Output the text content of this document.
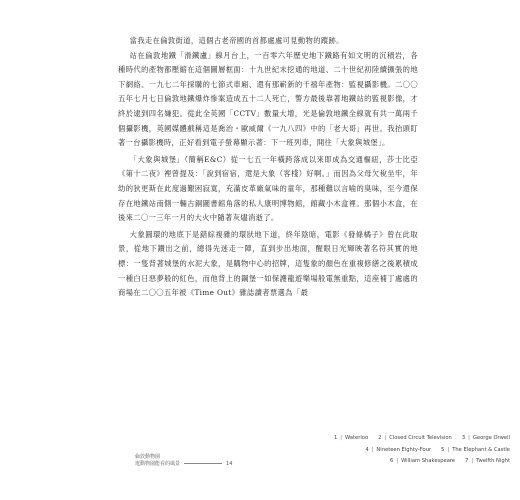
當我走在倫敦街道，這個古老帝國的首都處處可見動物的蹤跡。

站在倫敦地鐵「滑鐵盧」線月台上，一百零六年歷史地下鐵路有如文明的沉積岩，各種時代的產物都壓縮在這個圖層框面：十九世紀末挖通的地道、二十世紀初陸續擴張的地下網絡、一九七二年採購的七節式車廂、還有那嶄新的千禧年產物：監視攝影機。二〇〇五年七月七日倫敦地鐵爆炸慘案造成五十二人死亡，警方最後靠著地鐵站的監視影像，才終於逮到四名嫌犯。從此全英國「CCTV」數量大增，光是倫敦地鐵全線就有共一萬兩千個攝影機，英國媒體戲稱這是喬治・歐威爾《一九八四》中的「老大哥」再世。我抬頭盯著一台攝影機時，正好看到電子螢幕顯示著：下一班列車，開往「大象與城堡」。

「大象與城堡」（簡稱E&C）從一七五一年橫跨落成以來即成為交通樞紐，莎士比亞《第十二夜》裡曾提及：「說到宿宿，還是大象（客棧）好啊。」而因為父母欠稅坐牢，年幼的狄更斯在此度過艱困寂寞，充滿皮革廠氣味的童年，那種難以言喻的臭味，至今還保存在地鐵站南側一輛古銅圖書館角落的私人康明博物館，館藏小木盒裡。那個小木盒，在後來二〇一三年一月的大火中隨著灰燼消逝了。

大象圓環的地底下是錯綜複雜的環狀地下道，終年陰暗，電影《發條橘子》曾在此取景，從地下鑽出之前，總得先迷走一陣，直到步出地面，醒眼日光輝映著名符其實的地標：一隻背著城堡的水泥大象，是購物中心的招牌，這隻象的顏色在重複修繕之後累積成一種白日惡夢般的紅色，而他背上的鋼堡一如保護龍遊樂場般電無重點，這座補丁處處的商場在二〇〇五年被《Time Out》雜誌讀者票選為「最

倫敦動物園
逛動物園能看的風景	14
1 | Waterloo 2 | Closed Circuit Television 3 | George Orwell
4 | Nineteen Eighty-Four 5 | The Elephant & Castle
6 | William Shakespeare 7 | Twelfth Night
